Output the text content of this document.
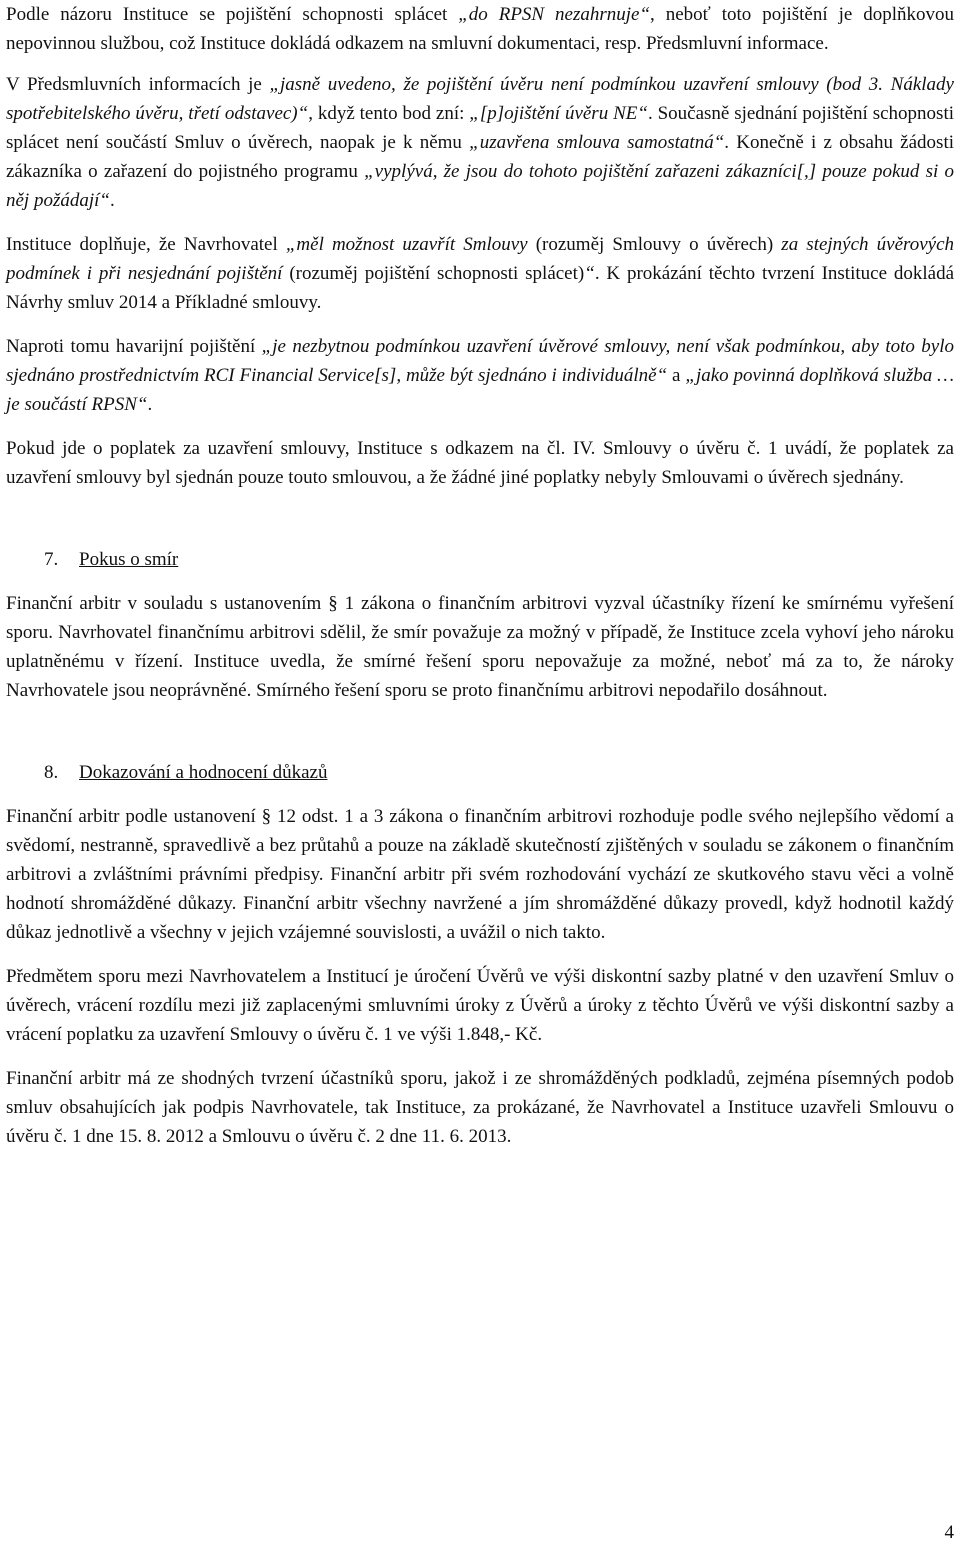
Podle názoru Instituce se pojištění schopnosti splácet „do RPSN nezahrnuje“, neboť toto pojištění je doplňkovou nepovinnou službou, což Instituce dokládá odkazem na smluvní dokumentaci, resp. Předsmluvní informace.

V Předsmluvních informacích je „jasně uvedeno, že pojištění úvěru není podmínkou uzavření smlouvy (bod 3. Náklady spotřebitelského úvěru, třetí odstavec)“, když tento bod zní: „[p]ojištění úvěru NE“. Současně sjednání pojištění schopnosti splácet není součástí Smluv o úvěrech, naopak je k němu „uzavřena smlouva samostatná“. Konečně i z obsahu žádosti zákazníka o zařazení do pojistného programu „vyplývá, že jsou do tohoto pojištění zařazeni zákazníci[,] pouze pokud si o něj požádají“.

Instituce doplňuje, že Navrhovatel „měl možnost uzavřít Smlouvy (rozuměj Smlouvy o úvěrech) za stejných úvěrových podmínek i při nesjednání pojištění (rozuměj pojištění schopnosti splácet)“. K prokázání těchto tvrzení Instituce dokládá Návrhy smluv 2014 a Příkladné smlouvy.

Naproti tomu havarijní pojištění „je nezbytnou podmínkou uzavření úvěrové smlouvy, není však podmínkou, aby toto bylo sjednáno prostřednictvím RCI Financial Service[s], může být sjednáno i individuálně“ a „jako povinná doplňková služba … je součástí RPSN“.

Pokud jde o poplatek za uzavření smlouvy, Instituce s odkazem na čl. IV. Smlouvy o úvěru č. 1 uvádí, že poplatek za uzavření smlouvy byl sjednán pouze touto smlouvou, a že žádné jiné poplatky nebyly Smlouvami o úvěrech sjednány.

7. Pokus o smír

Finanční arbitr v souladu s ustanovením § 1 zákona o finančním arbitrovi vyzval účastníky řízení ke smírnému vyřešení sporu. Navrhovatel finančnímu arbitrovi sdělil, že smír považuje za možný v případě, že Instituce zcela vyhoví jeho nároku uplatněnému v řízení. Instituce uvedla, že smírné řešení sporu nepovažuje za možné, neboť má za to, že nároky Navrhovatele jsou neoprávněné. Smírného řešení sporu se proto finančnímu arbitrovi nepodařilo dosáhnout.

8. Dokazování a hodnocení důkazů

Finanční arbitr podle ustanovení § 12 odst. 1 a 3 zákona o finančním arbitrovi rozhoduje podle svého nejlepšího vědomí a svědomí, nestranně, spravedlivě a bez průtahů a pouze na základě skutečností zjištěných v souladu se zákonem o finančním arbitrovi a zvláštními právními předpisy. Finanční arbitr při svém rozhodování vychází ze skutkového stavu věci a volně hodnotí shromážděné důkazy. Finanční arbitr všechny navržené a jím shromážděné důkazy provedl, když hodnotil každý důkaz jednotlivě a všechny v jejich vzájemné souvislosti, a uvážil o nich takto.

Předmětem sporu mezi Navrhovatelem a Institucí je úročení Úvěrů ve výši diskontní sazby platné v den uzavření Smluv o úvěrech, vrácení rozdílu mezi již zaplacenými smluvními úroky z Úvěrů a úroky z těchto Úvěrů ve výši diskontní sazby a vrácení poplatku za uzavření Smlouvy o úvěru č. 1 ve výši 1.848,- Kč.

Finanční arbitr má ze shodných tvrzení účastníků sporu, jakož i ze shromážděných podkladů, zejména písemných podob smluv obsahujících jak podpis Navrhovatele, tak Instituce, za prokázané, že Navrhovatel a Instituce uzavřeli Smlouvu o úvěru č. 1 dne 15. 8. 2012 a Smlouvu o úvěru č. 2 dne 11. 6. 2013.

4
